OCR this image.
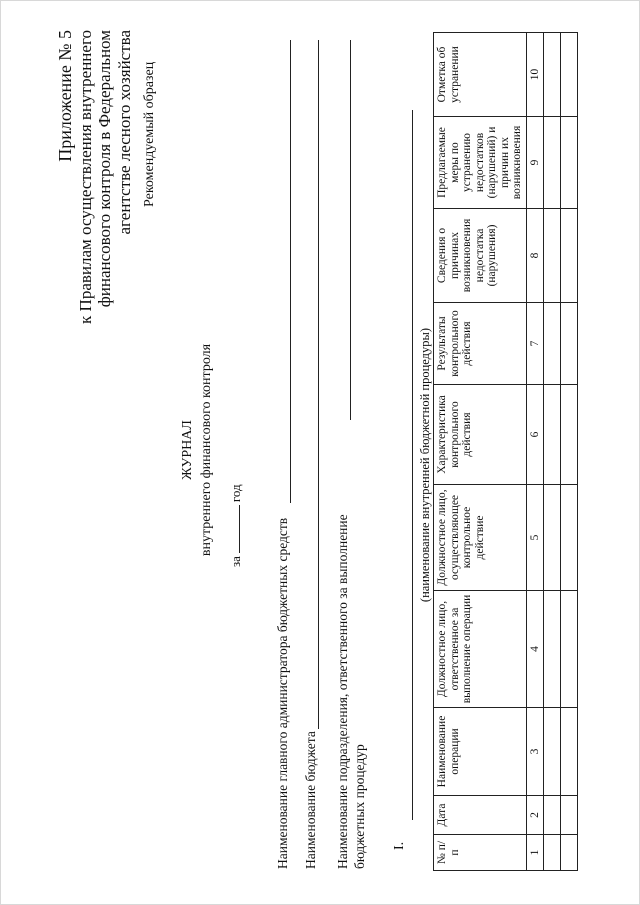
Приложение № 5 к Правилам осуществления внутреннего финансового контроля в Федеральном агентстве лесного хозяйства Рекомендуемый образец
ЖУРНАЛ внутреннего финансового контроля
загод
Наименование главного администратора бюджетных средств Наименование бюджета Наименование подразделения, ответственного за выполнение бюджетных процедур I.
(наименование внутренней бюджетной процедуры)
№ п/п	Дата	Наименование операции	Должностное лицо, ответственное за выполнение операции	Должностное лицо, осуществляющее контрольное действие	Характеристика контрольного действия	Результаты контрольного действия	Сведения о причинах возникновения недостатка (нарушения)	Предлагаемые меры по устранению недостатков (нарушений) и причин их возникновения	Отметка об устранении
1	2	3	4	5	6	7	8	9	10
